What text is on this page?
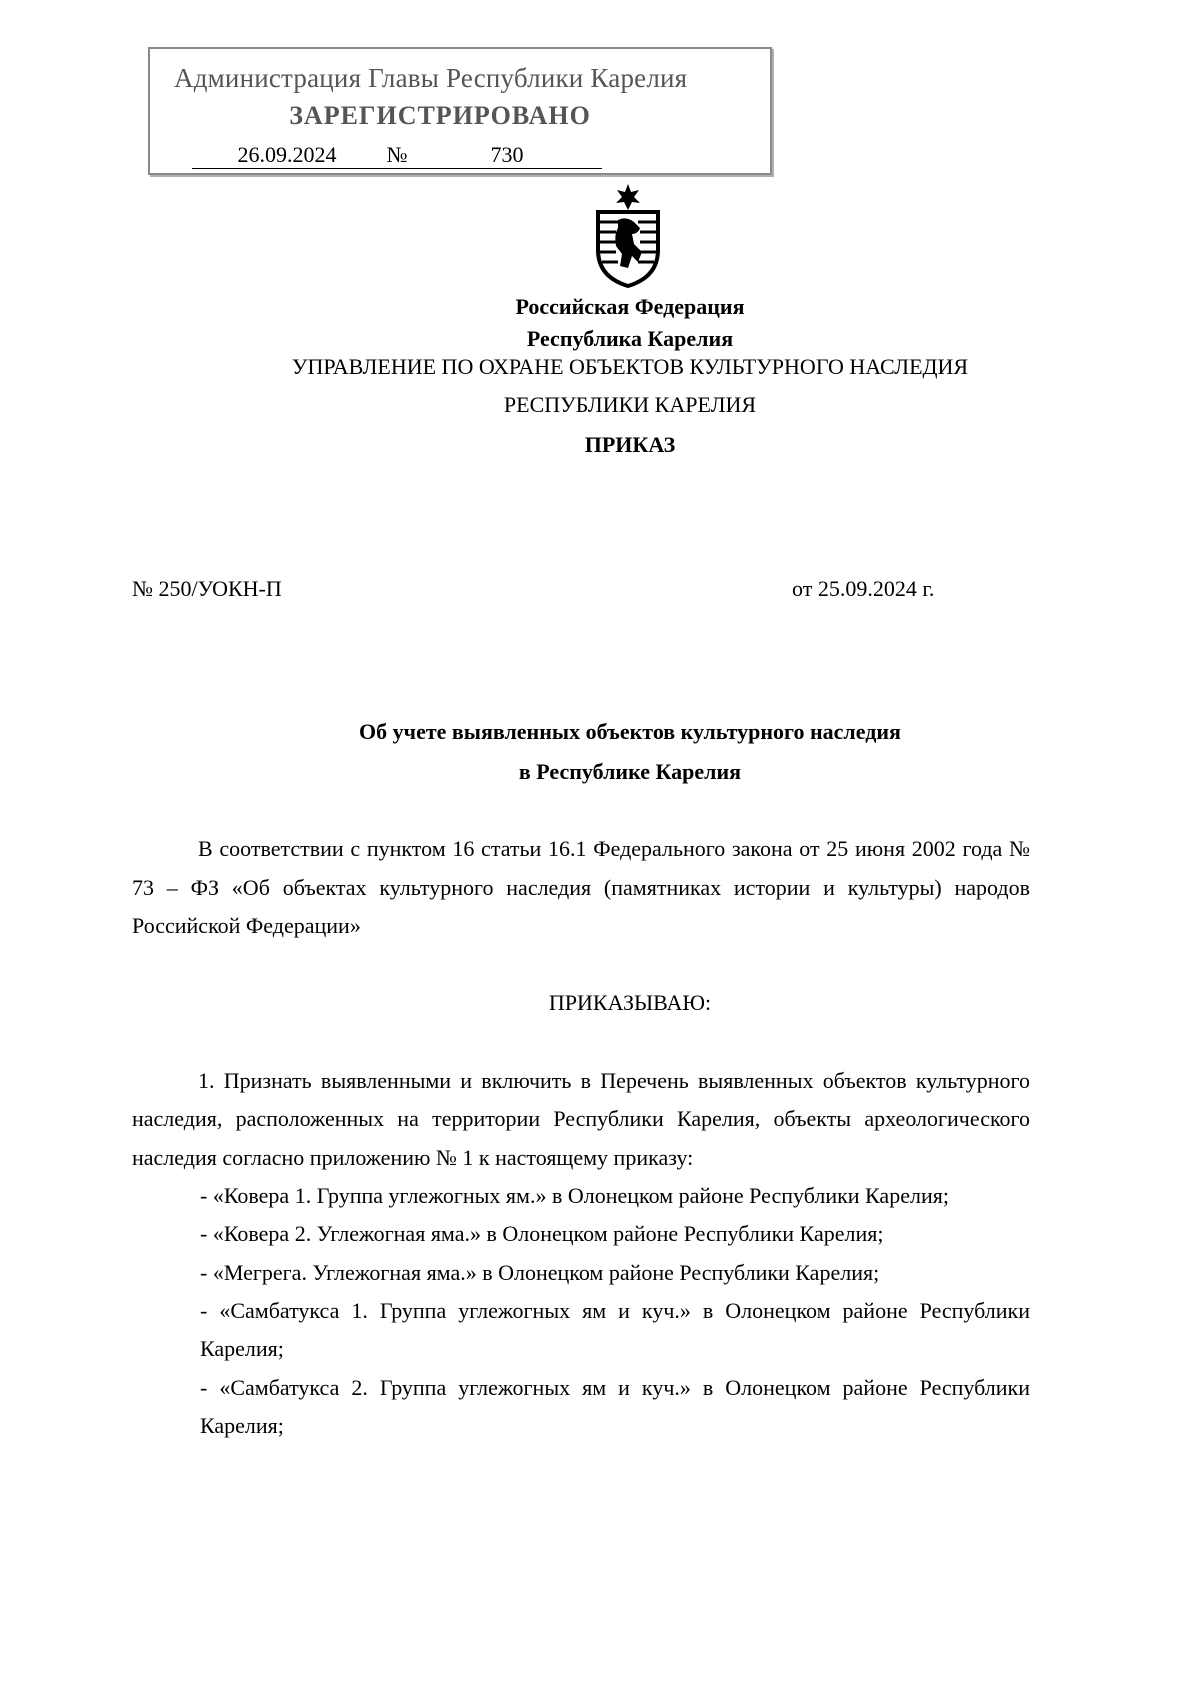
Администрация Главы Республики Карелия
ЗАРЕГИСТРИРОВАНО
26.09.2024 №	730
Российская Федерация
Республика Карелия
УПРАВЛЕНИЕ ПО ОХРАНЕ ОБЪЕКТОВ КУЛЬТУРНОГО НАСЛЕДИЯ
РЕСПУБЛИКИ КАРЕЛИЯ
ПРИКАЗ
№ 250/УОКН-П	от 25.09.2024 г.
Об учете выявленных объектов культурного наследия
в Республике Карелия
В соответствии с пунктом 16 статьи 16.1 Федерального закона от 25 июня 2002 года №
73 – ФЗ «Об объектах культурного наследия (памятниках истории и культуры) народов
Российской Федерации»
ПРИКАЗЫВАЮ:
1. Признать выявленными и включить в Перечень выявленных объектов культурного
наследия, расположенных на территории Республики Карелия, объекты археологического
наследия согласно приложению № 1 к настоящему приказу:
- «Ковера 1. Группа углежогных ям.» в Олонецком районе Республики Карелия;
- «Ковера 2. Углежогная яма.» в Олонецком районе Республики Карелия;
- «Мегрега. Углежогная яма.» в Олонецком районе Республики Карелия;
- «Самбатукса 1. Группа углежогных ям и куч.» в Олонецком районе Республики
Карелия;
- «Самбатукса 2. Группа углежогных ям и куч.» в Олонецком районе Республики
Карелия;
